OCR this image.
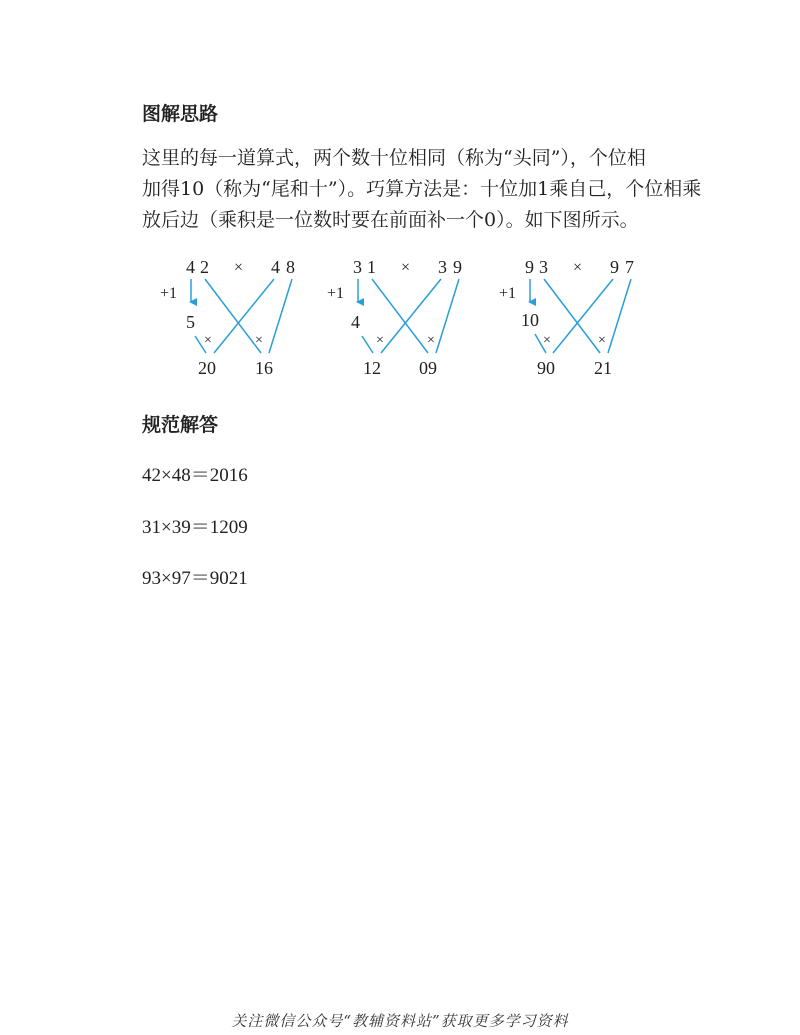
图解思路
这里的每一道算式，两个数十位相同（称为“头同”），个位相
加得10（称为“尾和十”）。巧算方法是：十位加1乘自己，个位相乘
放后边（乘积是一位数时要在前面补一个0）。如下图所示。
4 2 × 4 8
+1
5
×	×
20 16
3 1 × 3 9
+1
4
×	×
12 09
9 3 × 9 7
+1
10
×	×
90 21
规范解答
42×48＝2016
31×39＝1209
93×97＝9021
关注微信公众号“教辅资料站”获取更多学习资料
